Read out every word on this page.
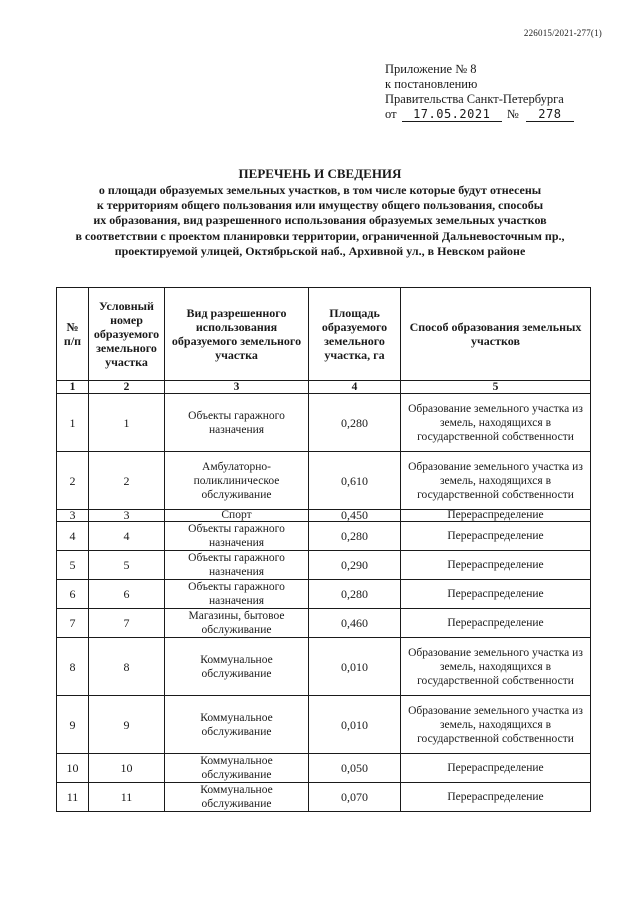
226015/2021-277(1)
Приложение № 8
к постановлению
Правительства Санкт-Петербурга
от 17.05.2021 № 278
ПЕРЕЧЕНЬ И СВЕДЕНИЯ
о площади образуемых земельных участков, в том числе которые будут отнесены
к территориям общего пользования или имуществу общего пользования, способы
их образования, вид разрешенного использования образуемых земельных участков
в соответствии с проектом планировки территории, ограниченной Дальневосточным пр.,
проектируемой улицей, Октябрьской наб., Архивной ул., в Невском районе
№ п/п	Условный номер образуемого земельного участка	Вид разрешенного использования образуемого земельного участка	Площадь образуемого земельного участка, га	Способ образования земельных участков
1	2	3	4	5
1	1	Объекты гаражного назначения	0,280	Образование земельного участка из земель, находящихся в государственной собственности
2	2	Амбулаторно-поликлиническое обслуживание	0,610	Образование земельного участка из земель, находящихся в государственной собственности
3	3	Спорт	0,450	Перераспределение
4	4	Объекты гаражного назначения	0,280	Перераспределение
5	5	Объекты гаражного назначения	0,290	Перераспределение
6	6	Объекты гаражного назначения	0,280	Перераспределение
7	7	Магазины, бытовое обслуживание	0,460	Перераспределение
8	8	Коммунальное обслуживание	0,010	Образование земельного участка из земель, находящихся в государственной собственности
9	9	Коммунальное обслуживание	0,010	Образование земельного участка из земель, находящихся в государственной собственности
10	10	Коммунальное обслуживание	0,050	Перераспределение
11	11	Коммунальное обслуживание	0,070	Перераспределение
